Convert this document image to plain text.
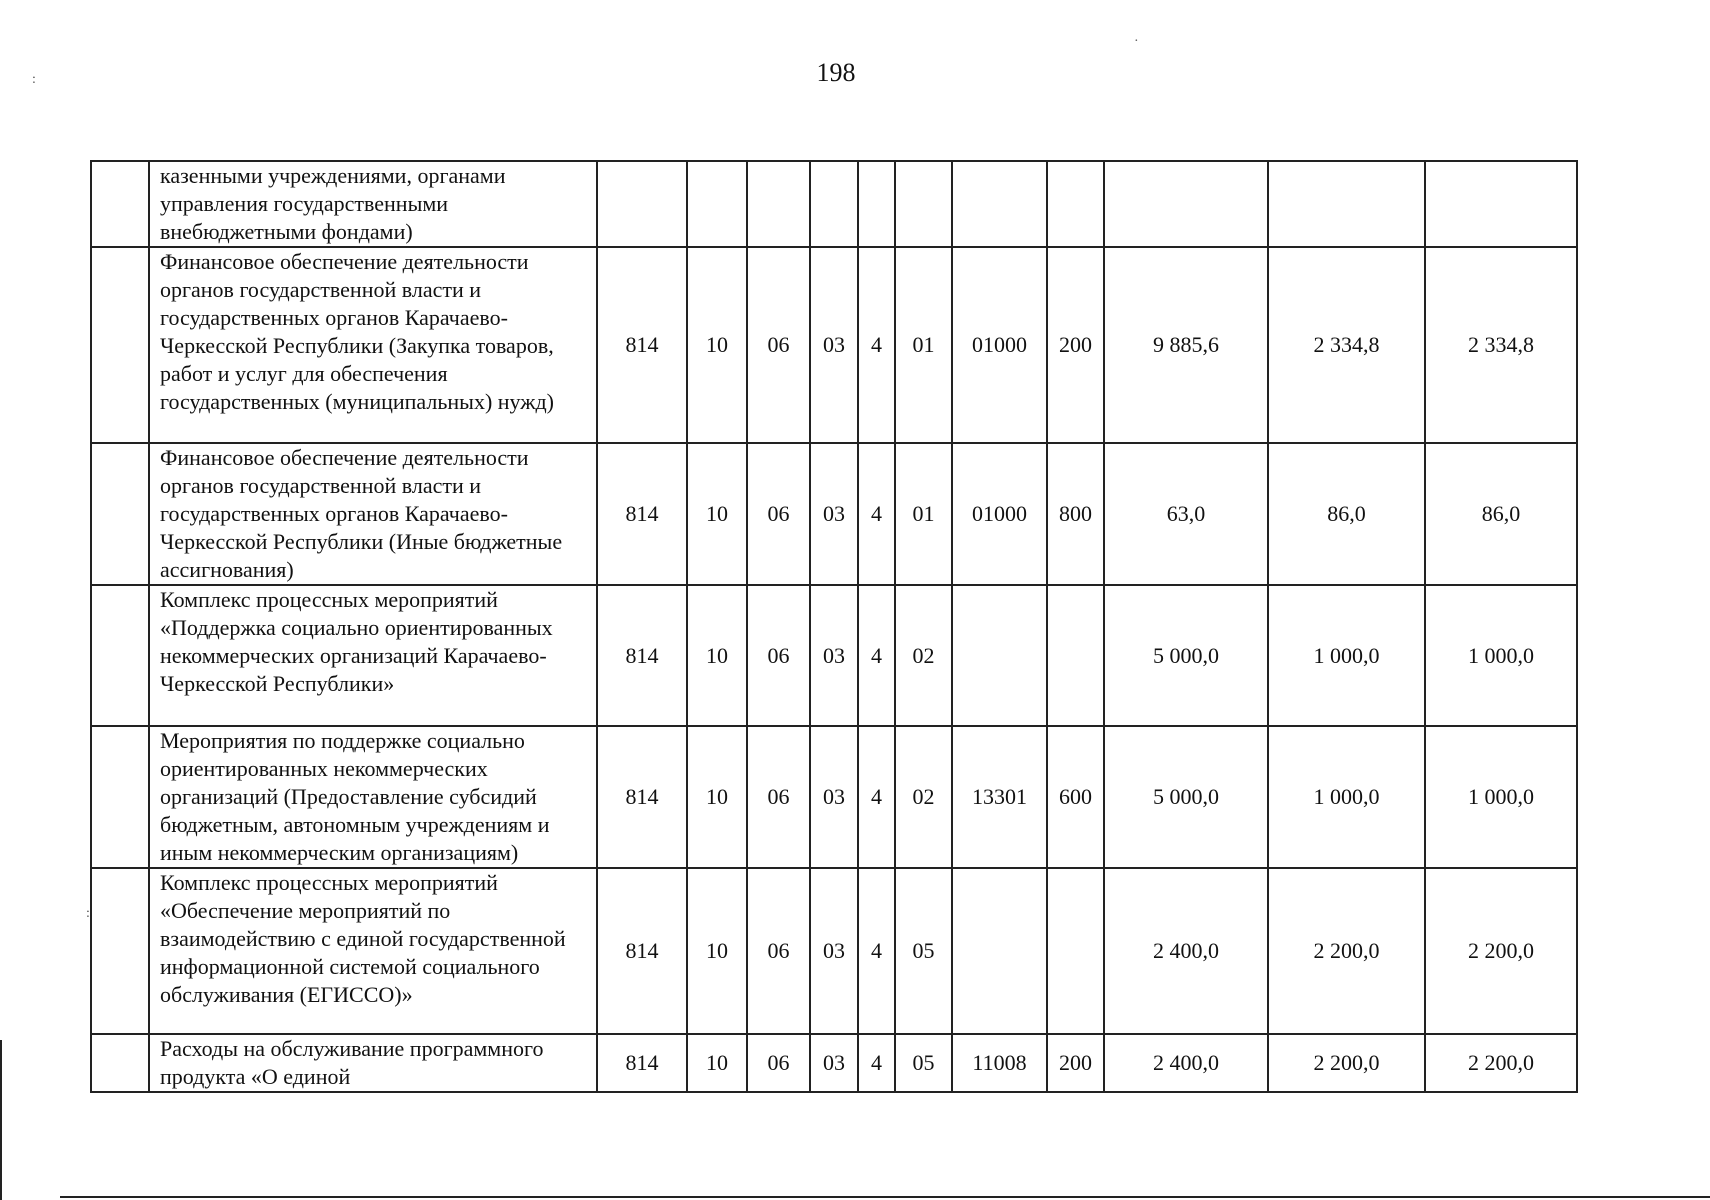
198
	казенными учреждениями, органами управления государственными внебюджетными фондами)											
	Финансовое обеспечение деятельности органов государственной власти и государственных органов Карачаево-Черкесской Республики (Закупка товаров, работ и услуг для обеспечения государственных (муниципальных) нужд)	814	10	06	03	4	01	01000	200	9 885,6	2 334,8	2 334,8
	Финансовое обеспечение деятельности органов государственной власти и государственных органов Карачаево-Черкесской Республики (Иные бюджетные ассигнования)	814	10	06	03	4	01	01000	800	63,0	86,0	86,0
	Комплекс процессных мероприятий «Поддержка социально ориентированных некоммерческих организаций Карачаево-Черкесской Республики»	814	10	06	03	4	02			5 000,0	1 000,0	1 000,0
	Мероприятия по поддержке социально ориентированных некоммерческих организаций (Предоставление субсидий бюджетным, автономным учреждениям и иным некоммерческим организациям)	814	10	06	03	4	02	13301	600	5 000,0	1 000,0	1 000,0
	Комплекс процессных мероприятий «Обеспечение мероприятий по взаимодействию с единой государственной информационной системой социального обслуживания (ЕГИССО)»	814	10	06	03	4	05			2 400,0	2 200,0	2 200,0
	Расходы на обслуживание программного продукта «О единой	814	10	06	03	4	05	11008	200	2 400,0	2 200,0	2 200,0
:
·
:
